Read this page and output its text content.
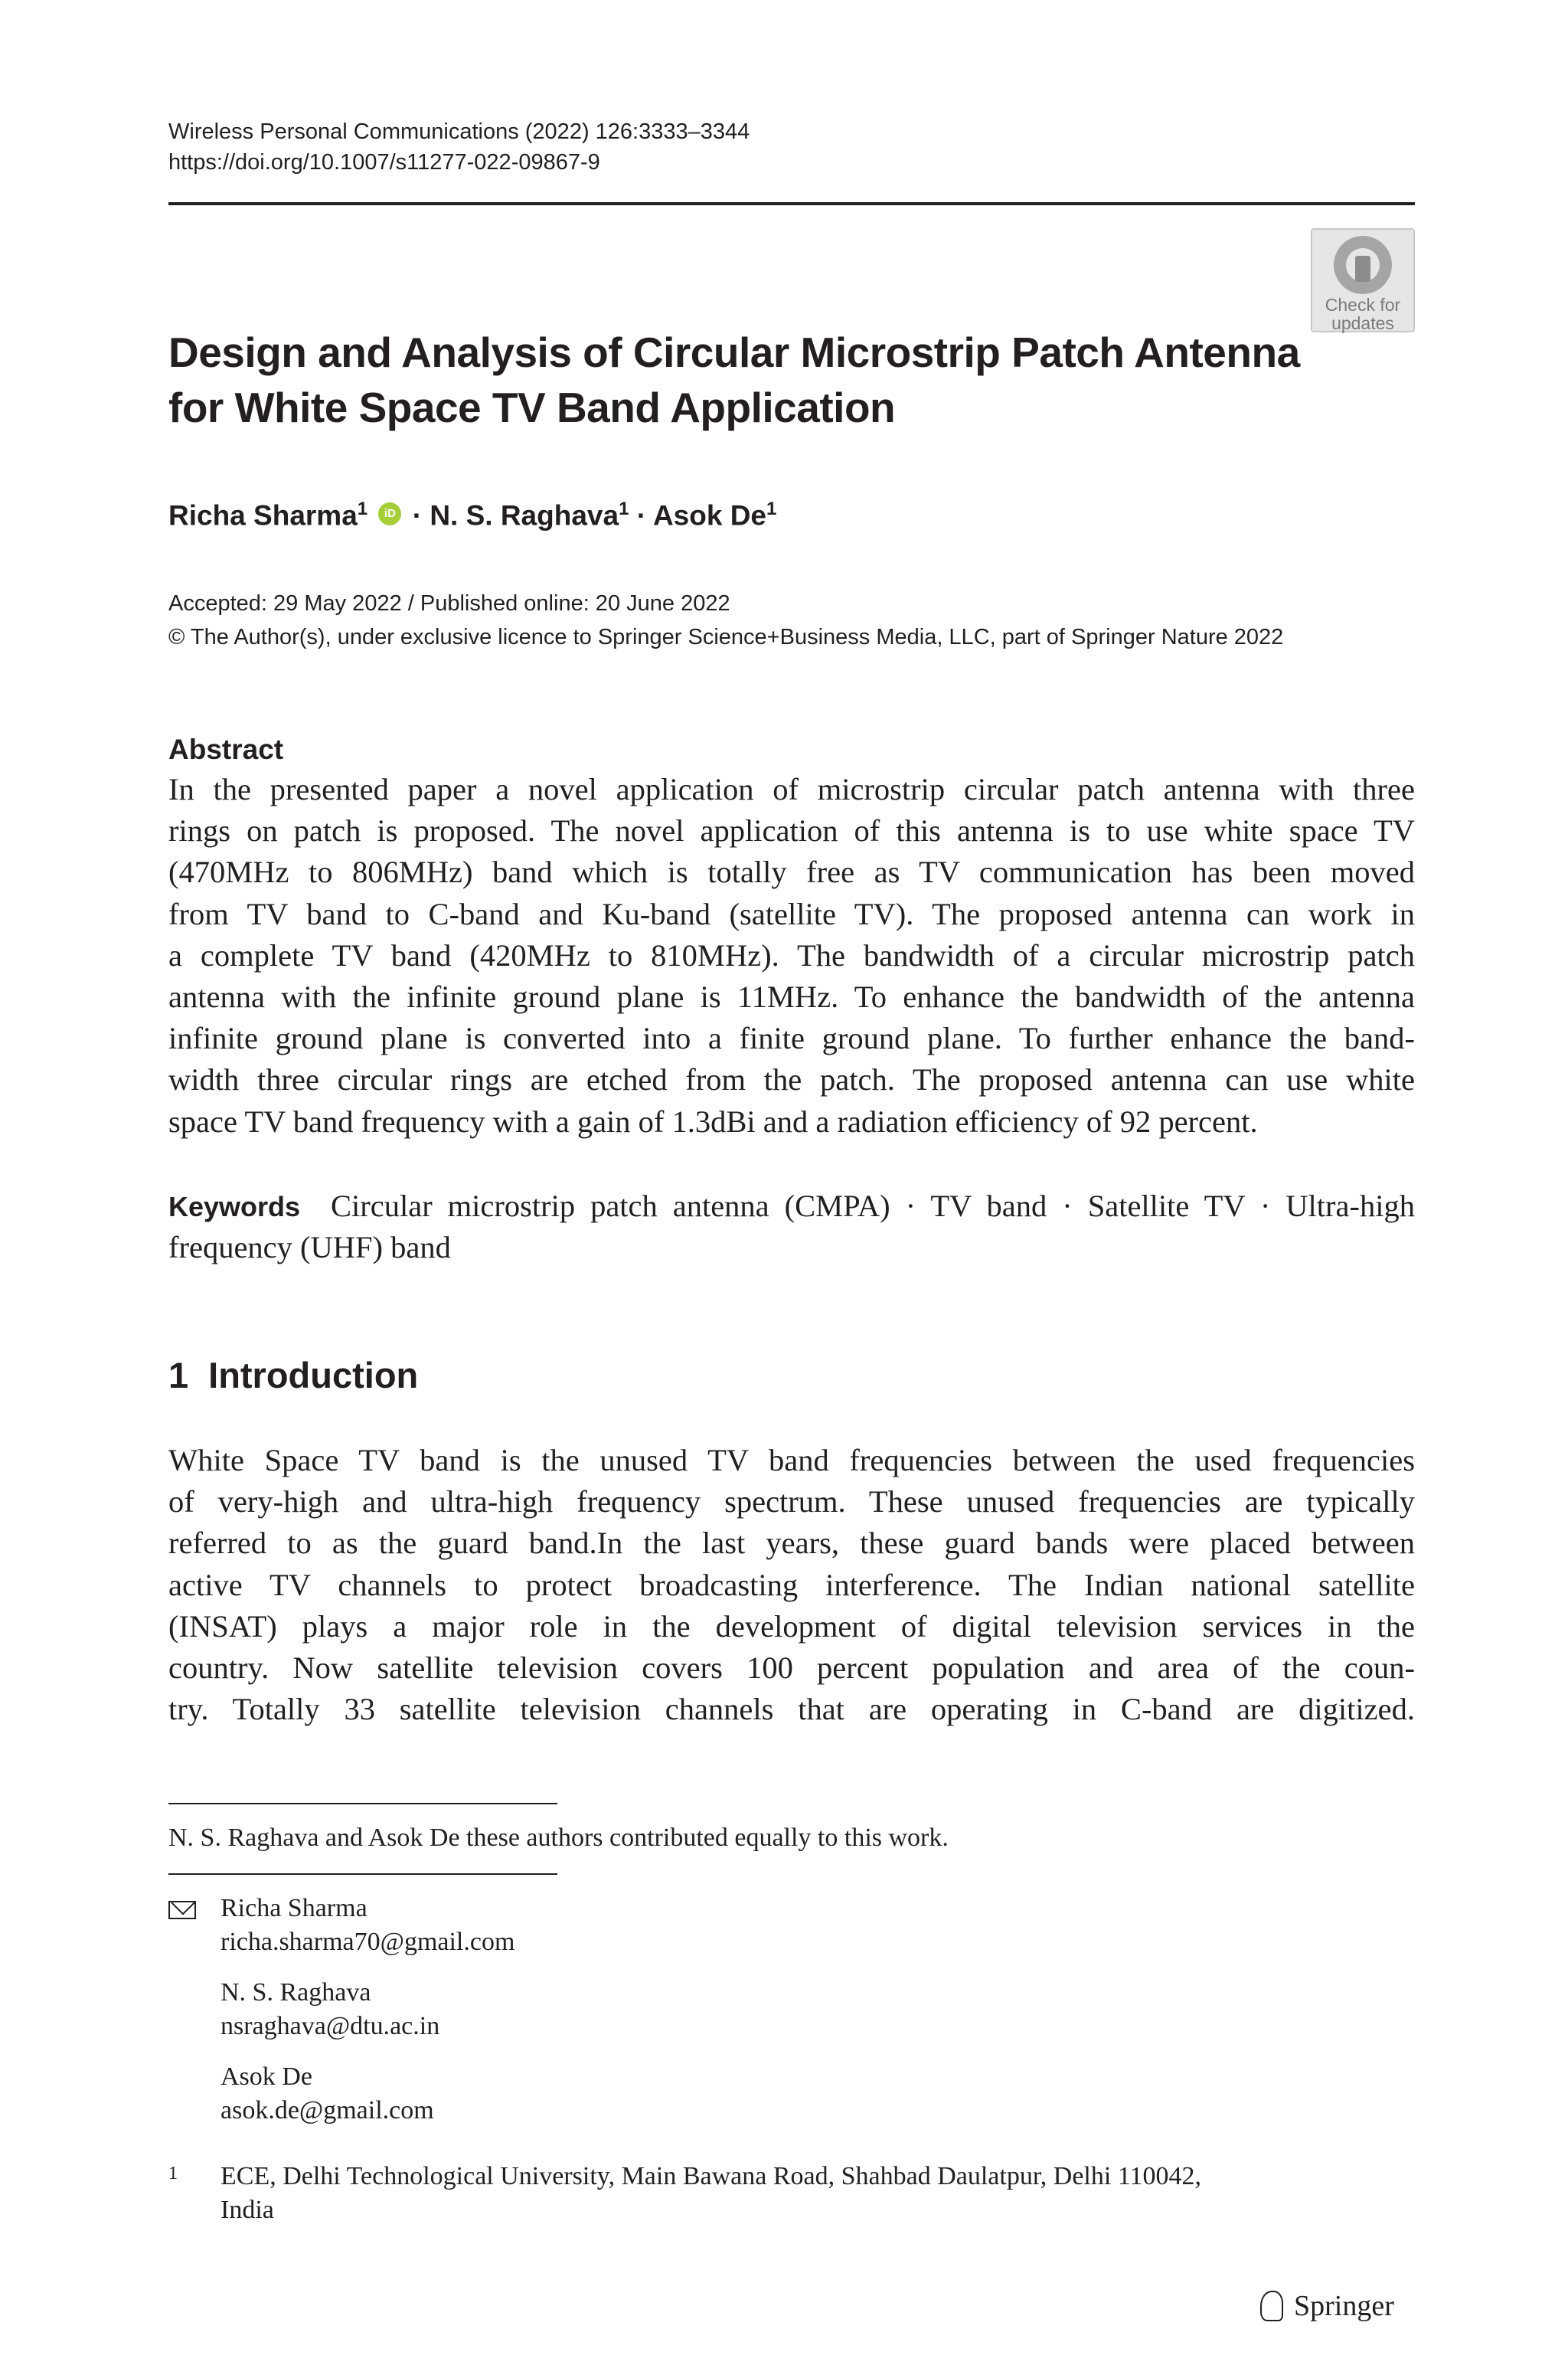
Wireless Personal Communications (2022) 126:3333–3344
https://doi.org/10.1007/s11277-022-09867-9
Check for
updates
Design and Analysis of Circular Microstrip Patch Antenna
for White Space TV Band Application
Richa Sharma$^1$ iD · N. S. Raghava$^1$ · Asok De$^1$
Accepted: 29 May 2022 / Published online: 20 June 2022
© The Author(s), under exclusive licence to Springer Science+Business Media, LLC, part of Springer Nature 2022
Abstract
In the presented paper a novel application of microstrip circular patch antenna with three
rings on patch is proposed. The novel application of this antenna is to use white space TV
(470MHz to 806MHz) band which is totally free as TV communication has been moved
from TV band to C-band and Ku-band (satellite TV). The proposed antenna can work in
a complete TV band (420MHz to 810MHz). The bandwidth of a circular microstrip patch
antenna with the infinite ground plane is 11MHz. To enhance the bandwidth of the antenna
infinite ground plane is converted into a finite ground plane. To further enhance the band-
width three circular rings are etched from the patch. The proposed antenna can use white
space TV band frequency with a gain of 1.3dBi and a radiation efficiency of 92 percent.
Keywords Circular microstrip patch antenna (CMPA) · TV band · Satellite TV · Ultra-high
frequency (UHF) band
1 Introduction
White Space TV band is the unused TV band frequencies between the used frequencies
of very-high and ultra-high frequency spectrum. These unused frequencies are typically
referred to as the guard band.In the last years, these guard bands were placed between
active TV channels to protect broadcasting interference. The Indian national satellite
(INSAT) plays a major role in the development of digital television services in the
country. Now satellite television covers 100 percent population and area of the coun-
try. Totally 33 satellite television channels that are operating in C-band are digitized.
N. S. Raghava and Asok De these authors contributed equally to this work.
Richa Sharma
richa.sharma70@gmail.com
N. S. Raghava
nsraghava@dtu.ac.in
Asok De
asok.de@gmail.com
1 ECE, Delhi Technological University, Main Bawana Road, Shahbad Daulatpur, Delhi 110042,
India
Springer
